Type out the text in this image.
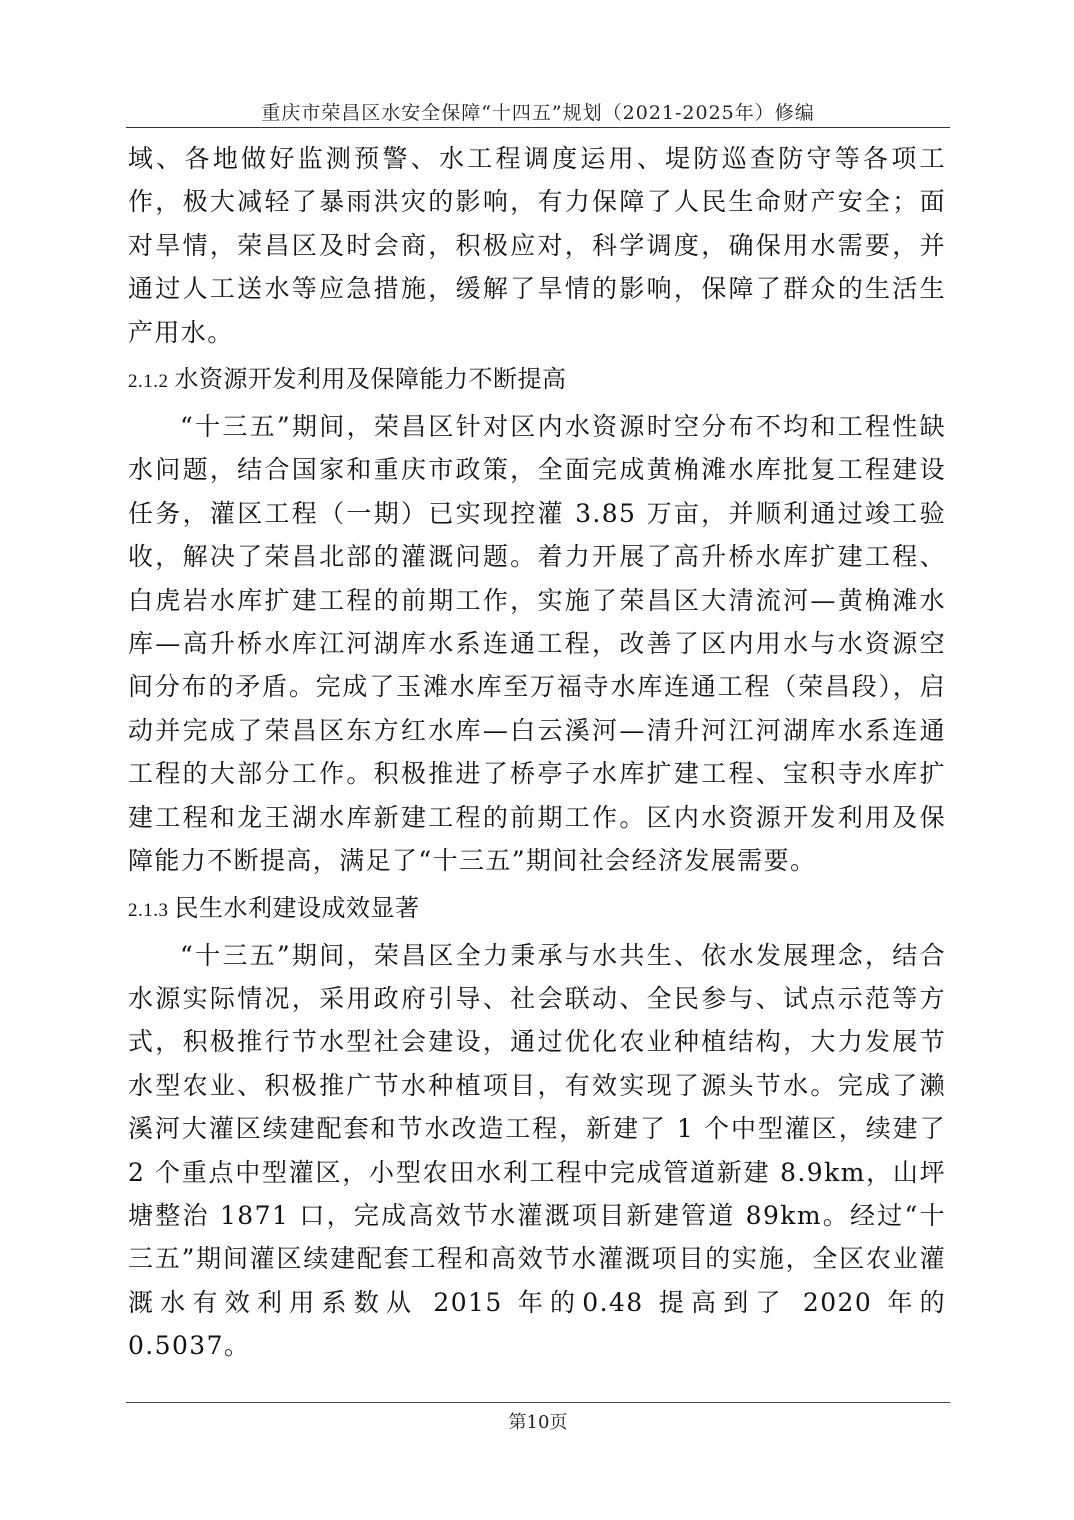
重庆市荣昌区水安全保障“十四五”规划（2021-2025年）修编

域、各地做好监测预警、水工程调度运用、堤防巡查防守等各项工作，极大减轻了暴雨洪灾的影响，有力保障了人民生命财产安全；面对旱情，荣昌区及时会商，积极应对，科学调度，确保用水需要，并通过人工送水等应急措施，缓解了旱情的影响，保障了群众的生活生产用水。

2.1.2 水资源开发利用及保障能力不断提高

“十三五”期间，荣昌区针对区内水资源时空分布不均和工程性缺水问题，结合国家和重庆市政策，全面完成黄桷滩水库批复工程建设任务，灌区工程（一期）已实现控灌 3.85 万亩，并顺利通过竣工验收，解决了荣昌北部的灌溉问题。着力开展了高升桥水库扩建工程、白虎岩水库扩建工程的前期工作，实施了荣昌区大清流河—黄桷滩水库—高升桥水库江河湖库水系连通工程，改善了区内用水与水资源空间分布的矛盾。完成了玉滩水库至万福寺水库连通工程（荣昌段），启动并完成了荣昌区东方红水库—白云溪河—清升河江河湖库水系连通工程的大部分工作。积极推进了桥亭子水库扩建工程、宝积寺水库扩建工程和龙王湖水库新建工程的前期工作。区内水资源开发利用及保障能力不断提高，满足了“十三五”期间社会经济发展需要。

2.1.3 民生水利建设成效显著

“十三五”期间，荣昌区全力秉承与水共生、依水发展理念，结合水源实际情况，采用政府引导、社会联动、全民参与、试点示范等方式，积极推行节水型社会建设，通过优化农业种植结构，大力发展节水型农业、积极推广节水种植项目，有效实现了源头节水。完成了濑溪河大灌区续建配套和节水改造工程，新建了 1 个中型灌区，续建了 2 个重点中型灌区，小型农田水利工程中完成管道新建 8.9km，山坪塘整治 1871 口，完成高效节水灌溉项目新建管道 89km。经过“十三五”期间灌区续建配套工程和高效节水灌溉项目的实施，全区农业灌溉水有效利用系数从 2015 年的0.48 提高到了 2020 年的 0.5037。

第10页
